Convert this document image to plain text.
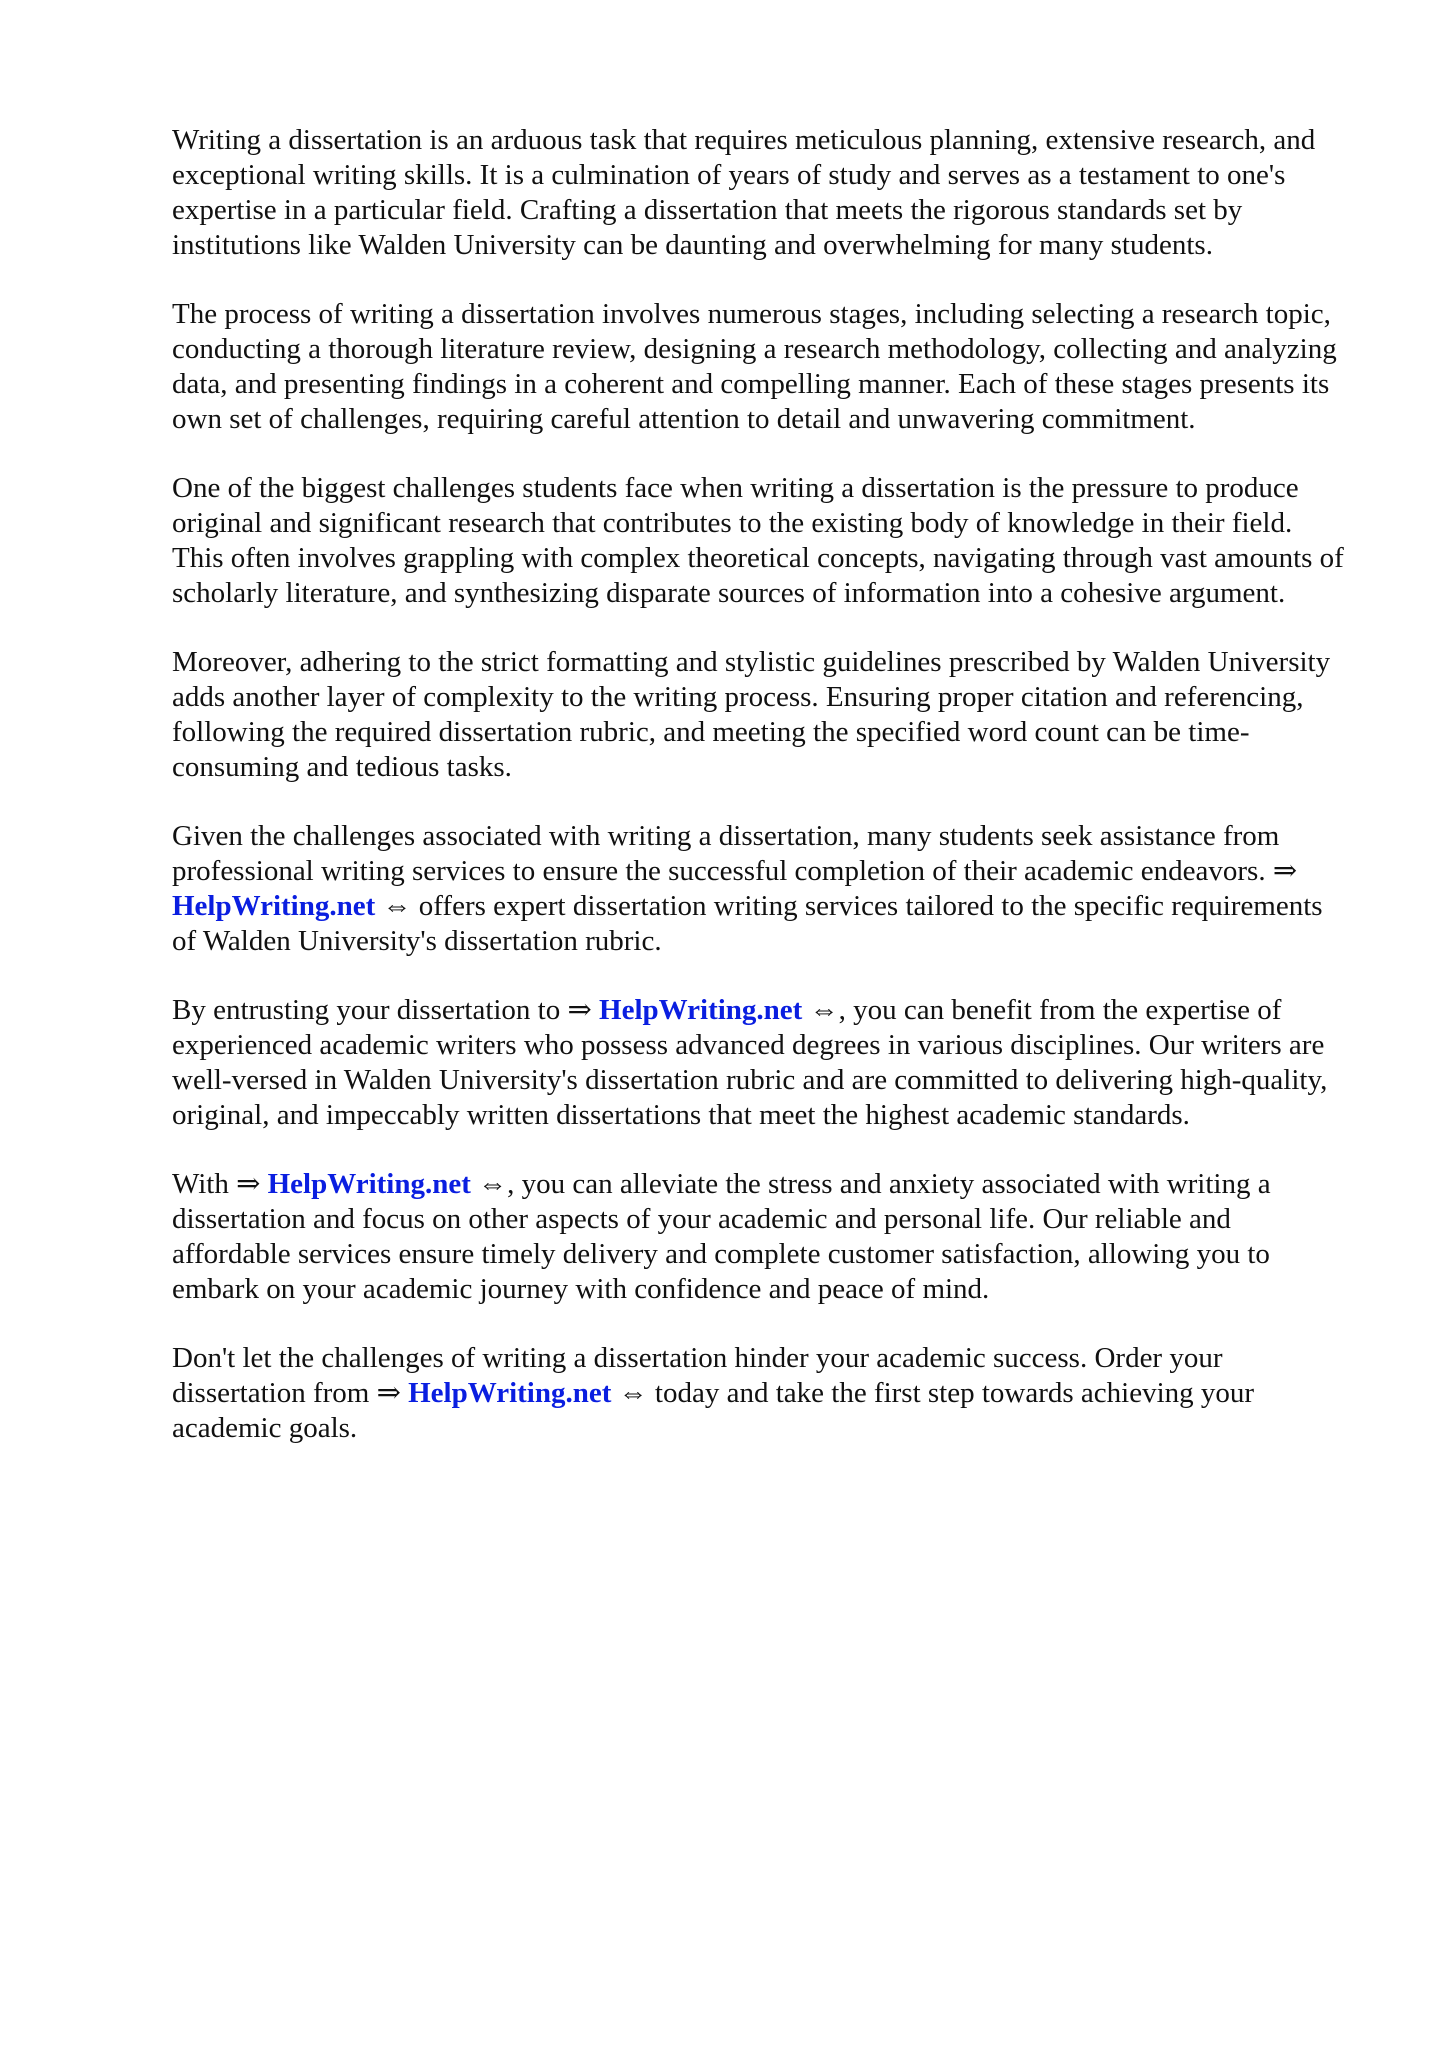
Writing a dissertation is an arduous task that requires meticulous planning, extensive research, and
exceptional writing skills. It is a culmination of years of study and serves as a testament to one's
expertise in a particular field. Crafting a dissertation that meets the rigorous standards set by
institutions like Walden University can be daunting and overwhelming for many students.

The process of writing a dissertation involves numerous stages, including selecting a research topic,
conducting a thorough literature review, designing a research methodology, collecting and analyzing
data, and presenting findings in a coherent and compelling manner. Each of these stages presents its
own set of challenges, requiring careful attention to detail and unwavering commitment.

One of the biggest challenges students face when writing a dissertation is the pressure to produce
original and significant research that contributes to the existing body of knowledge in their field.
This often involves grappling with complex theoretical concepts, navigating through vast amounts of
scholarly literature, and synthesizing disparate sources of information into a cohesive argument.

Moreover, adhering to the strict formatting and stylistic guidelines prescribed by Walden University
adds another layer of complexity to the writing process. Ensuring proper citation and referencing,
following the required dissertation rubric, and meeting the specified word count can be time-
consuming and tedious tasks.

Given the challenges associated with writing a dissertation, many students seek assistance from
professional writing services to ensure the successful completion of their academic endeavors. ⇒
HelpWriting.net ⇔ offers expert dissertation writing services tailored to the specific requirements
of Walden University's dissertation rubric.

By entrusting your dissertation to ⇒ HelpWriting.net ⇔, you can benefit from the expertise of
experienced academic writers who possess advanced degrees in various disciplines. Our writers are
well-versed in Walden University's dissertation rubric and are committed to delivering high-quality,
original, and impeccably written dissertations that meet the highest academic standards.

With ⇒ HelpWriting.net ⇔, you can alleviate the stress and anxiety associated with writing a
dissertation and focus on other aspects of your academic and personal life. Our reliable and
affordable services ensure timely delivery and complete customer satisfaction, allowing you to
embark on your academic journey with confidence and peace of mind.

Don't let the challenges of writing a dissertation hinder your academic success. Order your
dissertation from ⇒ HelpWriting.net ⇔ today and take the first step towards achieving your
academic goals.
